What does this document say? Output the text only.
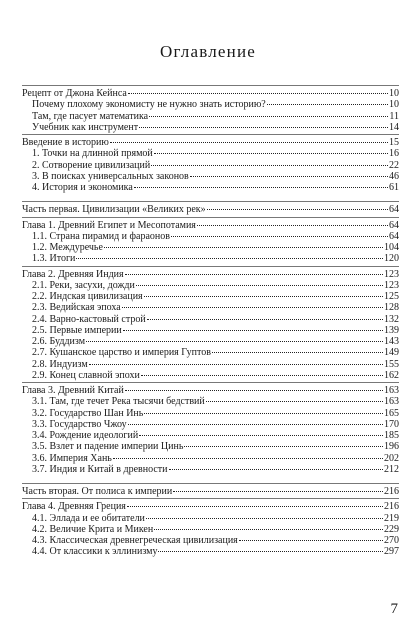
Оглавление
Рецепт от Джона Кейнса	10
Почему плохому экономисту не нужно знать историю?	10
Там, где пасует математика	11
Учебник как инструмент	14
Введение в историю	15
1. Точки на длинной прямой	16
2. Сотворение цивилизаций	22
3. В поисках универсальных законов	46
4. История и экономика	61
Часть первая. Цивилизации «Великих рек»	64
Глава 1. Древний Египет и Месопотамия	64
1.1. Страна пирамид и фараонов	64
1.2. Междуречье	104
1.3. Итоги	120
Глава 2. Древняя Индия	123
2.1. Реки, засухи, дожди	123
2.2. Индская цивилизация	125
2.3. Ведийская эпоха	128
2.4. Варно-кастовый строй	132
2.5. Первые империи	139
2.6. Буддизм	143
2.7. Кушанское царство и империя Гуптов	149
2.8. Индуизм	155
2.9. Конец славной эпохи	162
Глава 3. Древний Китай	163
3.1. Там, где течет Река тысячи бедствий	163
3.2. Государство Шан Инь	165
3.3. Государство Чжоу	170
3.4. Рождение идеологий	185
3.5. Взлет и падение империи Цинь	196
3.6. Империя Хань	202
3.7. Индия и Китай в древности	212
Часть вторая. От полиса к империи	216
Глава 4. Древняя Греция	216
4.1. Эллада и ее обитатели	219
4.2. Величие Крита и Микен	229
4.3. Классическая древнегреческая цивилизация	270
4.4. От классики к эллинизму	297
7
